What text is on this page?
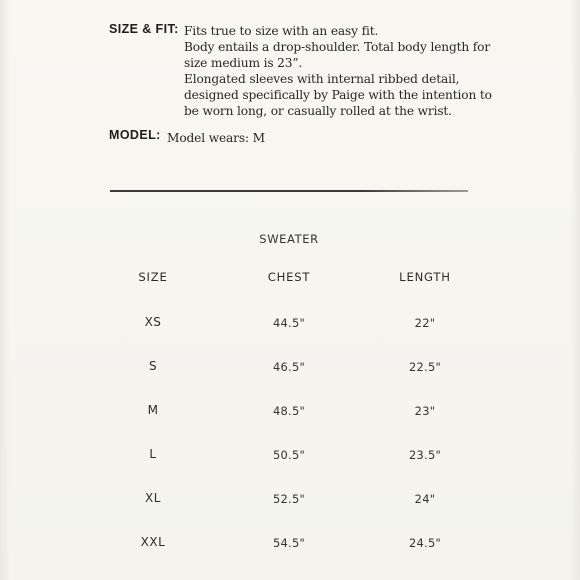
SIZE & FIT: Fits true to size with an easy fit.
Body entails a drop-shoulder. Total body length for
size medium is 23”.
Elongated sleeves with internal ribbed detail,
designed specifically by Paige with the intention to
be worn long, or casually rolled at the wrist.
MODEL: Model wears: M
SWEATER
SIZE	CHEST	LENGTH
XS	44.5"	22"
S	46.5"	22.5"
M	48.5"	23"
L	50.5"	23.5"
XL	52.5"	24"
XXL	54.5"	24.5"
